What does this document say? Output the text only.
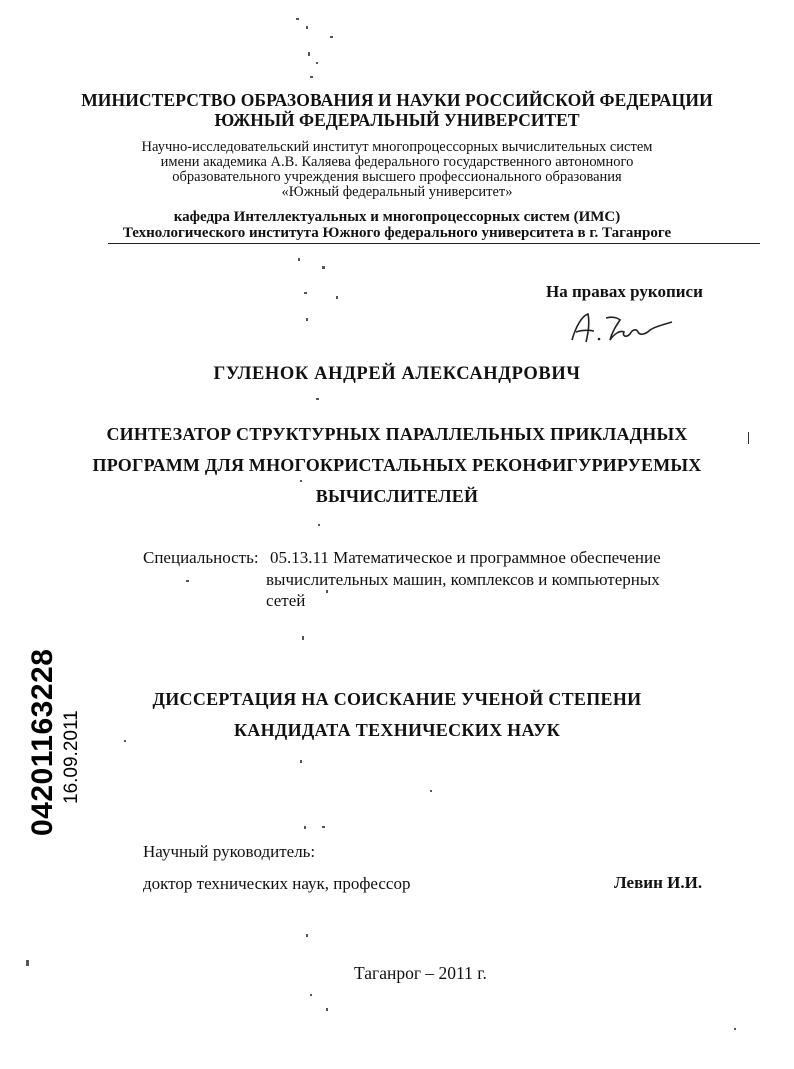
МИНИСТЕРСТВО ОБРАЗОВАНИЯ И НАУКИ РОССИЙСКОЙ ФЕДЕРАЦИИ
ЮЖНЫЙ ФЕДЕРАЛЬНЫЙ УНИВЕРСИТЕТ
Научно-исследовательский институт многопроцессорных вычислительных систем
имени академика А.В. Каляева федерального государственного автономного
образовательного учреждения высшего профессионального образования
«Южный федеральный университет»
кафедра Интеллектуальных и многопроцессорных систем (ИМС)
Технологического института Южного федерального университета в г. Таганроге
На правах рукописи
ГУЛЕНОК АНДРЕЙ АЛЕКСАНДРОВИЧ
СИНТЕЗАТОР СТРУКТУРНЫХ ПАРАЛЛЕЛЬНЫХ ПРИКЛАДНЫХ
ПРОГРАММ ДЛЯ МНОГОКРИСТАЛЬНЫХ РЕКОНФИГУРИРУЕМЫХ
ВЫЧИСЛИТЕЛЕЙ
Специальность: 05.13.11 Математическое и программное обеспечение
вычислительных машин, комплексов и компьютерных
сетей
ДИССЕРТАЦИЯ НА СОИСКАНИЕ УЧЕНОЙ СТЕПЕНИ
КАНДИДАТА ТЕХНИЧЕСКИХ НАУК
04201163228 16.09.2011
Научный руководитель:
доктор технических наук, профессор	Левин И.И.
Таганрог – 2011 г.
